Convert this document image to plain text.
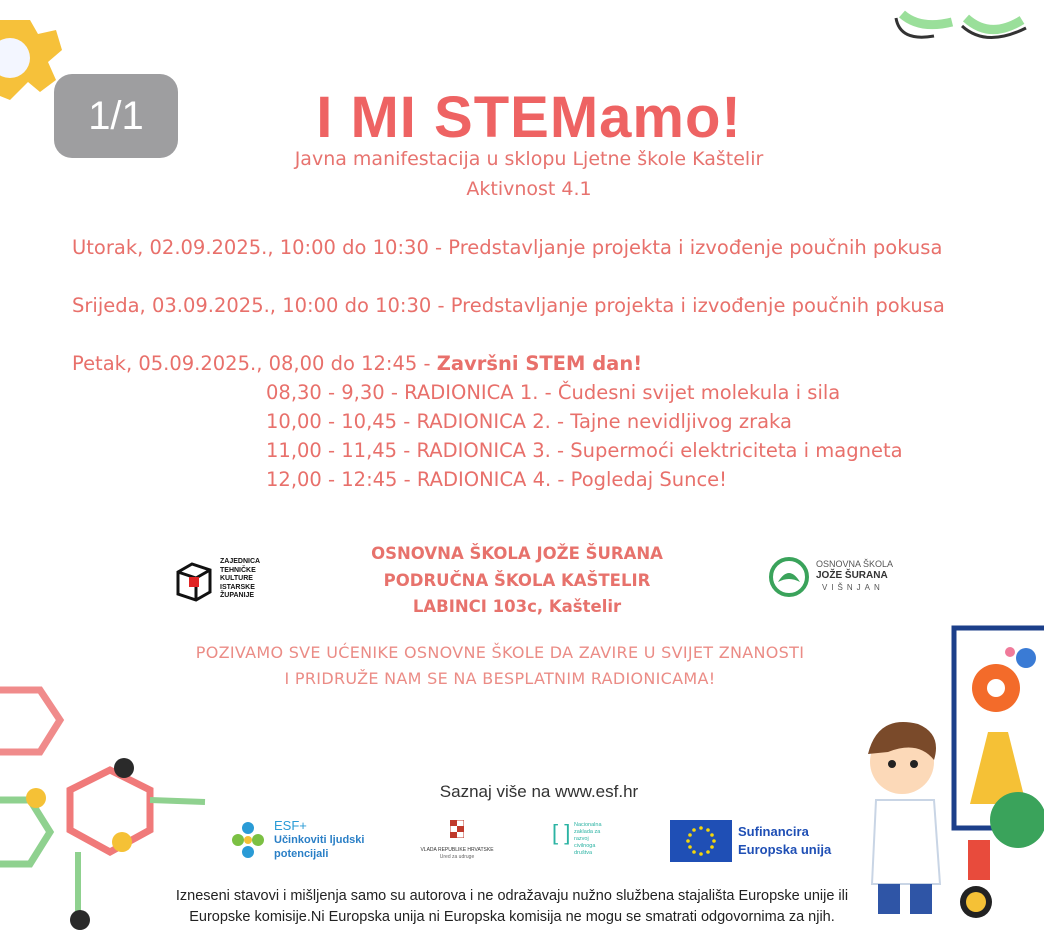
1/1	I MI STEMamo!
Javna manifestacija u sklopu Ljetne škole Kaštelir
Aktivnost 4.1
Utorak, 02.09.2025., 10:00 do 10:30 - Predstavljanje projekta i izvođenje poučnih pokusa
Srijeda, 03.09.2025., 10:00 do 10:30 - Predstavljanje projekta i izvođenje poučnih pokusa
Petak, 05.09.2025., 08,00 do 12:45 - Završni STEM dan!
08,30 - 9,30 - RADIONICA 1. - Čudesni svijet molekula i sila
10,00 - 10,45 - RADIONICA 2. - Tajne nevidljivog zraka
11,00 - 11,45 - RADIONICA 3. - Supermoći elektriciteta i magneta
12,00 - 12:45 - RADIONICA 4. - Pogledaj Sunce!
ZAJEDNICA
TEHNIČKE
KULTURE
ISTARSKE
ŽUPANIJE
OSNOVNA ŠKOLA JOŽE ŠURANA
PODRUČNA ŠKOLA KAŠTELIR
LABINCI 103c, Kaštelir
OSNOVNA ŠKOLA
JOŽE ŠURANA
VIŠNJAN
POZIVAMO SVE UĆENIKE OSNOVNE ŠKOLE DA ZAVIRE U SVIJET ZNANOSTI
I PRIDRUŽE NAM SE NA BESPLATNIM RADIONICAMA!
Saznaj više na www.esf.hr
ESF+
Učinkoviti ljudski
potencijali	VLADA REPUBLIKE HRVATSKE
Ured za udruge
[ ] Nacionalna
zaklada za
razvoj
civilnoga
društva
Sufinancira
Europska unija
Izneseni stavovi i mišljenja samo su autorova i ne odražavaju nužno službena stajališta Europske unije ili
Europske komisije.Ni Europska unija ni Europska komisija ne mogu se smatrati odgovornima za njih.
